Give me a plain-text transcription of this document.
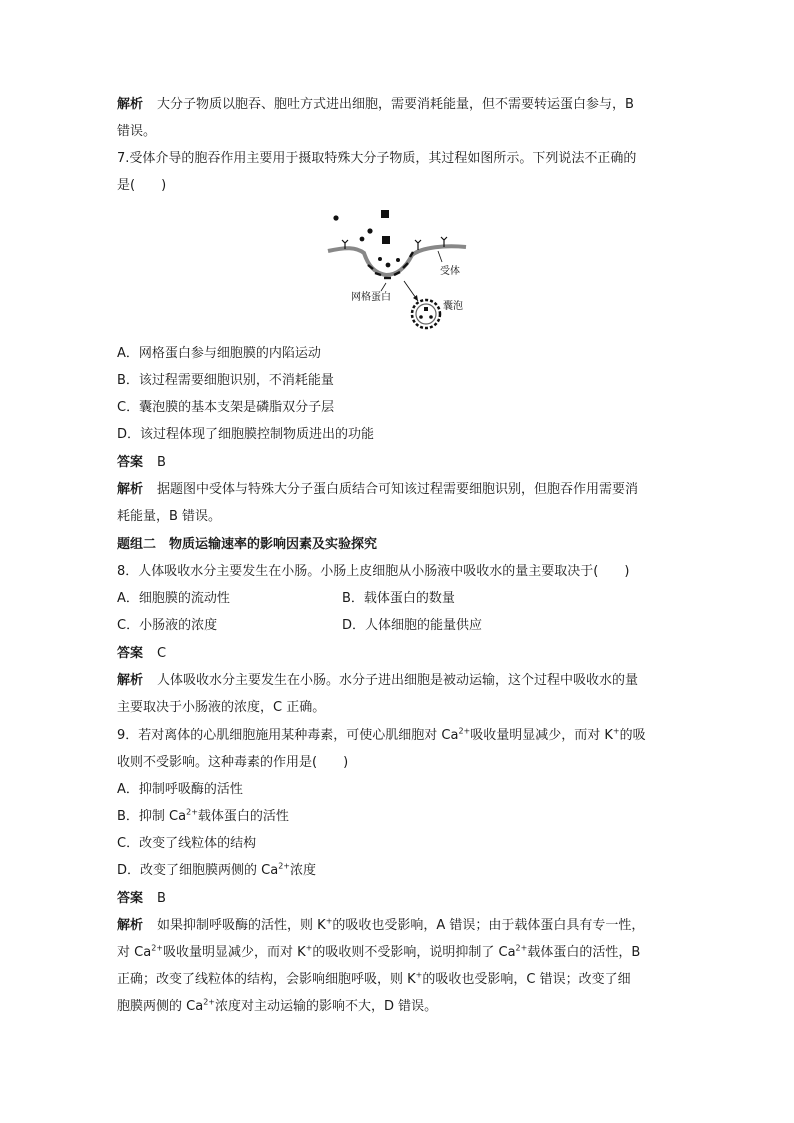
解析 大分子物质以胞吞、胞吐方式进出细胞，需要消耗能量，但不需要转运蛋白参与，B
错误。
7.受体介导的胞吞作用主要用于摄取特殊大分子物质，其过程如图所示。下列说法不正确的
是(　　)
受体
网格蛋白
囊泡
A．网格蛋白参与细胞膜的内陷运动
B．该过程需要细胞识别，不消耗能量
C．囊泡膜的基本支架是磷脂双分子层
D．该过程体现了细胞膜控制物质进出的功能
答案 B
解析 据题图中受体与特殊大分子蛋白质结合可知该过程需要细胞识别，但胞吞作用需要消
耗能量，B 错误。
题组二　物质运输速率的影响因素及实验探究
8．人体吸收水分主要发生在小肠。小肠上皮细胞从小肠液中吸收水的量主要取决于(　　)
A．细胞膜的流动性	B．载体蛋白的数量
C．小肠液的浓度	D．人体细胞的能量供应
答案 C
解析 人体吸收水分主要发生在小肠。水分子进出细胞是被动运输，这个过程中吸收水的量
主要取决于小肠液的浓度，C 正确。
9．若对离体的心肌细胞施用某种毒素，可使心肌细胞对 $Ca^{2+}$吸收量明显减少，而对 K+的吸
收则不受影响。这种毒素的作用是(　　)
A．抑制呼吸酶的活性
B．抑制 $Ca^{2+}$载体蛋白的活性
C．改变了线粒体的结构
D．改变了细胞膜两侧的 $Ca^{2+}$浓度
答案 B
解析 如果抑制呼吸酶的活性，则 K+的吸收也受影响，A 错误；由于载体蛋白具有专一性，
对 $Ca^{2+}$吸收量明显减少，而对 K+的吸收则不受影响，说明抑制了 $Ca^{2+}$载体蛋白的活性，B
正确；改变了线粒体的结构，会影响细胞呼吸，则 K+的吸收也受影响，C 错误；改变了细
胞膜两侧的 $Ca^{2+}$浓度对主动运输的影响不大，D 错误。
